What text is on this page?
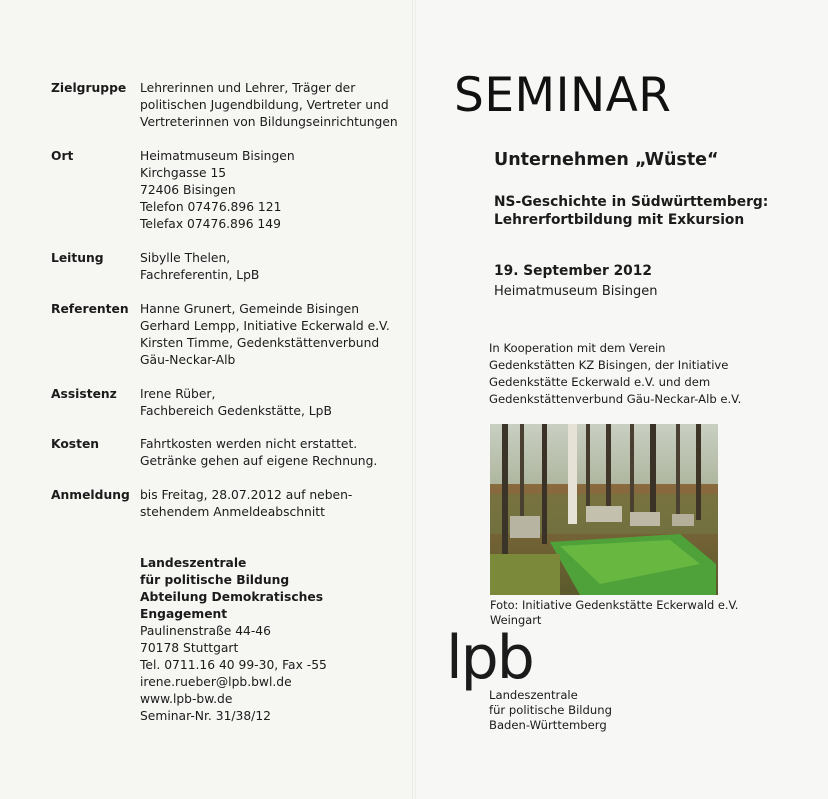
Zielgruppe Lehrerinnen und Lehrer, Träger der
politischen Jugendbildung, Vertreter und
Vertreterinnen von Bildungseinrichtungen
Ort	Heimatmuseum Bisingen
Kirchgasse 15
72406 Bisingen
Telefon 07476.896 121
Telefax 07476.896 149
Leitung	Sibylle Thelen,
Fachreferentin, LpB
Referenten Hanne Grunert, Gemeinde Bisingen
Gerhard Lempp, Initiative Eckerwald e.V.
Kirsten Timme, Gedenkstättenverbund
Gäu-Neckar-Alb
Assistenz Irene Rüber,
Fachbereich Gedenkstätte, LpB
Kosten	Fahrtkosten werden nicht erstattet.
Getränke gehen auf eigene Rechnung.
Anmeldung bis Freitag, 28.07.2012 auf neben-
stehendem Anmeldeabschnitt
Landeszentrale
für politische Bildung
Abteilung Demokratisches
Engagement
Paulinenstraße 44-46
70178 Stuttgart
Tel. 0711.16 40 99-30, Fax -55
irene.rueber@lpb.bwl.de
www.lpb-bw.de
Seminar-Nr. 31/38/12
SEMINAR
Unternehmen „Wüste“
NS-Geschichte in Südwürttemberg:
Lehrerfortbildung mit Exkursion
19. September 2012
Heimatmuseum Bisingen
In Kooperation mit dem Verein
Gedenkstätten KZ Bisingen, der Initiative
Gedenkstätte Eckerwald e.V. und dem
Gedenkstättenverbund Gäu-Neckar-Alb e.V.
Foto: Initiative Gedenkstätte Eckerwald e.V.
Weingart
lpb
Landeszentrale
für politische Bildung
Baden-Württemberg
